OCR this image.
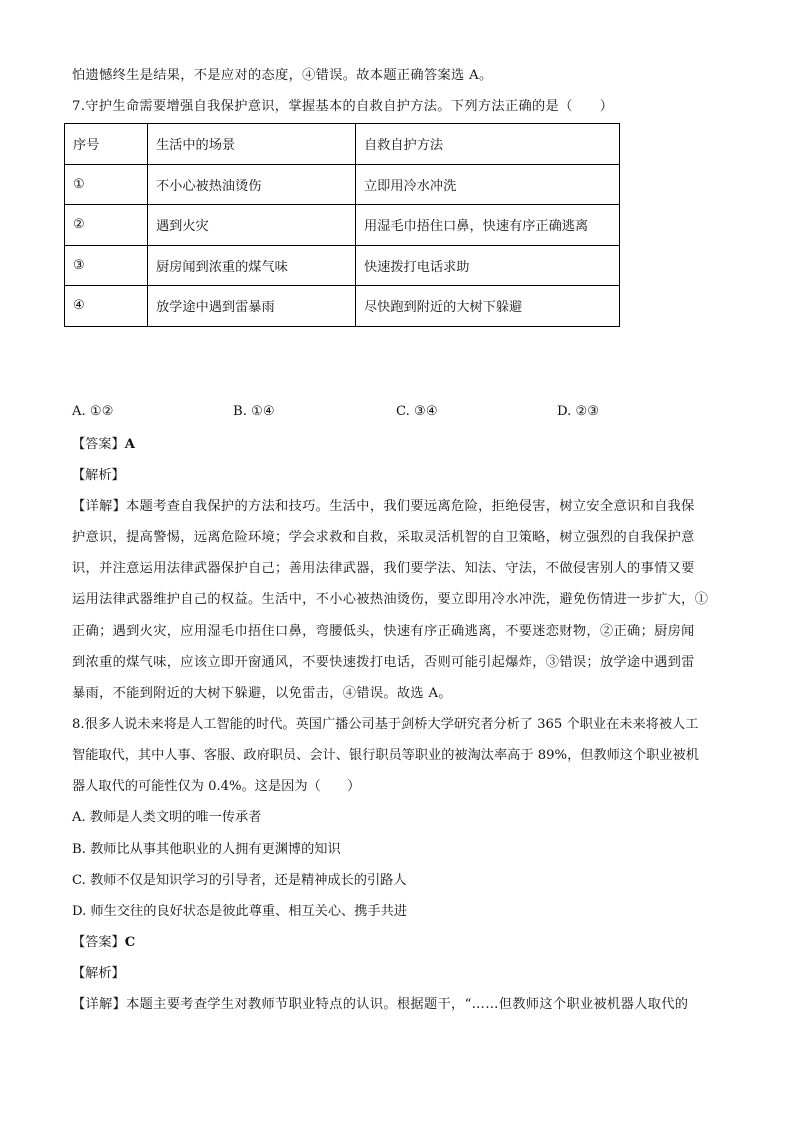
怕遗憾终生是结果，不是应对的态度，④错误。故本题正确答案选 A。
7.守护生命需要增强自我保护意识，掌握基本的自救自护方法。下列方法正确的是（　　）
序号	生活中的场景	自救自护方法
①	不小心被热油烫伤	立即用冷水冲洗
②	遇到火灾	用湿毛巾捂住口鼻，快速有序正确逃离
③	厨房闻到浓重的煤气味	快速拨打电话求助
④	放学途中遇到雷暴雨	尽快跑到附近的大树下躲避
A. ①②	B. ①④	C. ③④	D. ②③
【答案】A
【解析】
【详解】本题考查自我保护的方法和技巧。生活中，我们要远离危险，拒绝侵害，树立安全意识和自我保
护意识，提高警惕，远离危险环境；学会求救和自救，采取灵活机智的自卫策略，树立强烈的自我保护意
识，并注意运用法律武器保护自己；善用法律武器，我们要学法、知法、守法，不做侵害别人的事情又要
运用法律武器维护自己的权益。生活中，不小心被热油烫伤，要立即用冷水冲洗，避免伤情进一步扩大，①
正确；遇到火灾，应用湿毛巾捂住口鼻，弯腰低头，快速有序正确逃离，不要迷恋财物，②正确；厨房闻
到浓重的煤气味，应该立即开窗通风，不要快速拨打电话，否则可能引起爆炸，③错误；放学途中遇到雷
暴雨，不能到附近的大树下躲避，以免雷击，④错误。故选 A。
8.很多人说未来将是人工智能的时代。英国广播公司基于剑桥大学研究者分析了 365 个职业在未来将被人工
智能取代，其中人事、客服、政府职员、会计、银行职员等职业的被淘汰率高于 89%，但教师这个职业被机
器人取代的可能性仅为 0.4%。这是因为（　　）
A. 教师是人类文明的唯一传承者
B. 教师比从事其他职业的人拥有更渊博的知识
C. 教师不仅是知识学习的引导者，还是精神成长的引路人
D. 师生交往的良好状态是彼此尊重、相互关心、携手共进
【答案】C
【解析】
【详解】本题主要考查学生对教师节职业特点的认识。根据题干，“……但教师这个职业被机器人取代的
